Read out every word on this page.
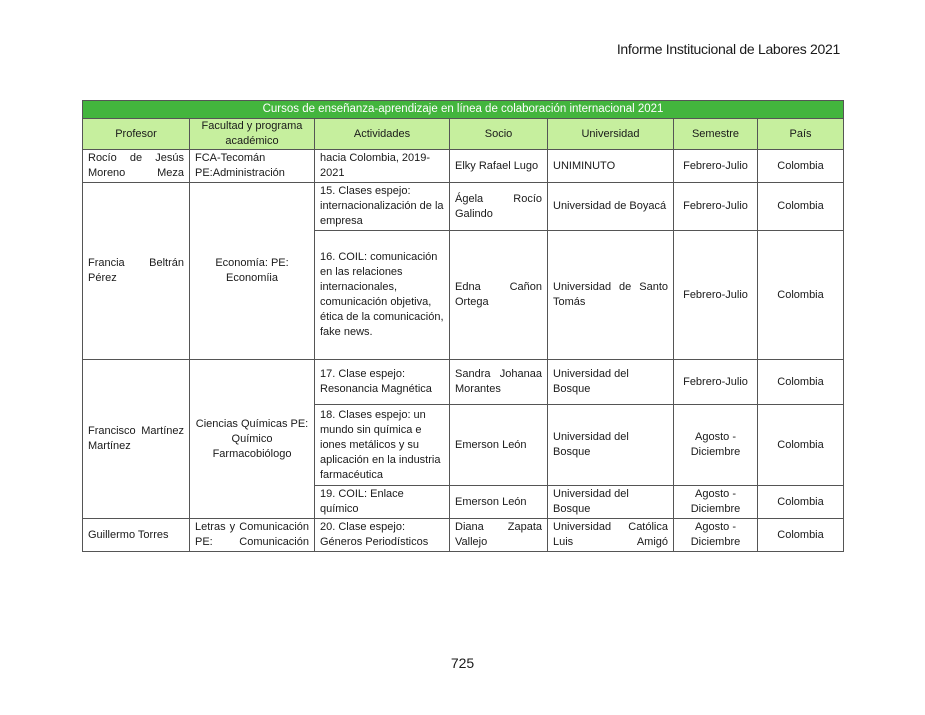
Informe Institucional de Labores 2021
Cursos de enseñanza-aprendizaje en línea de colaboración internacional 2021						
Profesor	Facultad y programa académico	Actividades	Socio	Universidad	Semestre	País
Rocío de Jesús Moreno Meza	FCA-Tecomán PE:Administración	hacia Colombia, 2019-2021	Elky Rafael Lugo	UNIMINUTO	Febrero-Julio	Colombia
Francia Beltrán Pérez	Economía: PE: Economíia	15. Clases espejo: internacionalización de la empresa	Ágela Rocío Galindo	Universidad de Boyacá	Febrero-Julio	Colombia
		16. COIL: comunicación en las relaciones internacionales, comunicación objetiva, ética de la comunicación, fake news.	Edna Cañon Ortega	Universidad de Santo Tomás	Febrero-Julio	Colombia
Francisco Martínez Martínez	Ciencias Químicas PE: Químico Farmacobiólogo	17. Clase espejo: Resonancia Magnética	Sandra Johanaa Morantes	Universidad del Bosque	Febrero-Julio	Colombia
		18. Clases espejo: un mundo sin química e iones metálicos y su aplicación en la industria farmacéutica	Emerson León	Universidad del Bosque	Agosto - Diciembre	Colombia
		19. COIL: Enlace químico	Emerson León	Universidad del Bosque	Agosto - Diciembre	Colombia
Guillermo Torres	Letras y Comunicación PE: Comunicación	20. Clase espejo: Géneros Periodísticos	Diana Zapata Vallejo	Universidad Católica Luis Amigó	Agosto - Diciembre	Colombia
725
